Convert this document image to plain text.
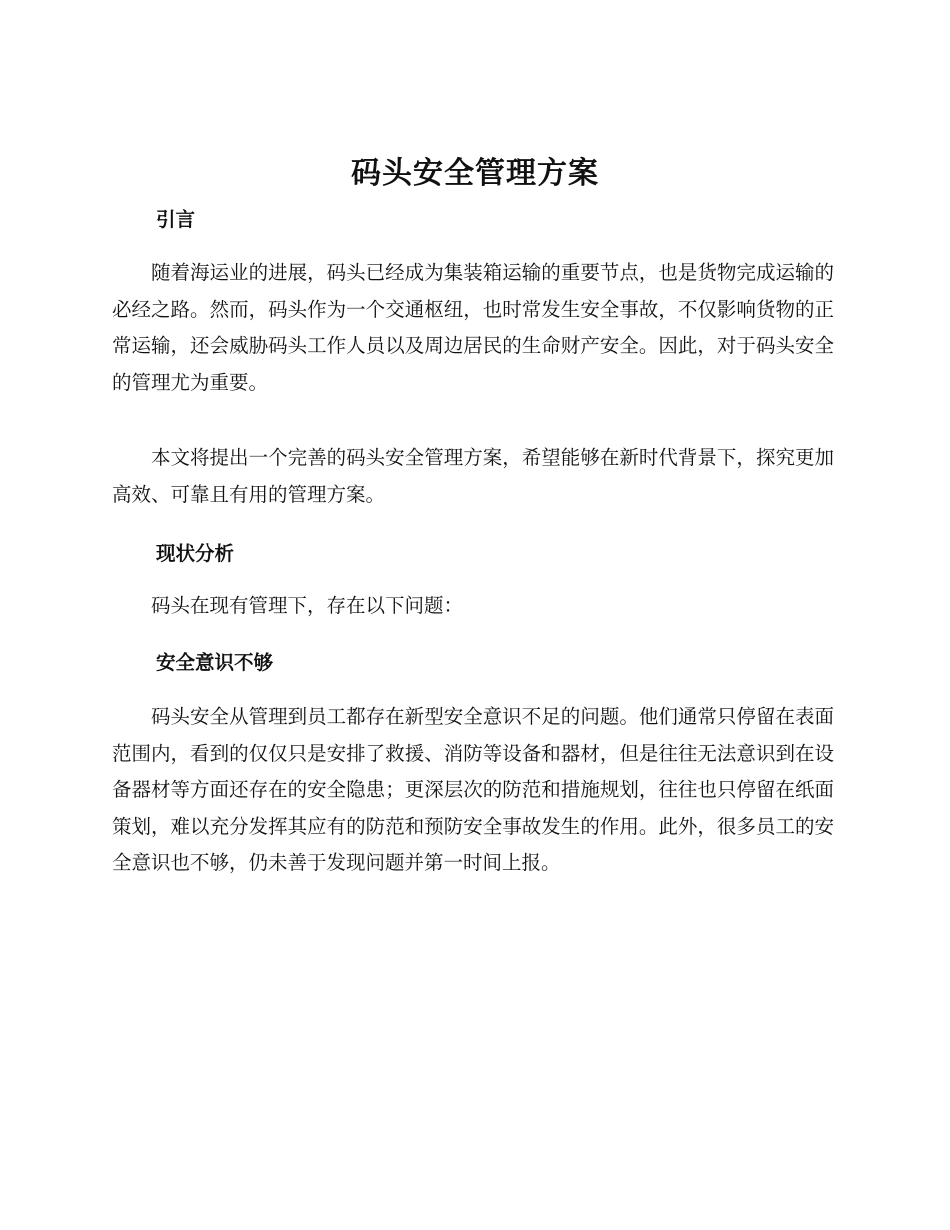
码头安全管理方案
引言

随着海运业的进展，码头已经成为集装箱运输的重要节点，也是货物完成运输的必经之路。然而，码头作为一个交通枢纽，也时常发生安全事故，不仅影响货物的正常运输，还会威胁码头工作人员以及周边居民的生命财产安全。因此，对于码头安全的管理尤为重要。

本文将提出一个完善的码头安全管理方案，希望能够在新时代背景下，探究更加高效、可靠且有用的管理方案。

现状分析

码头在现有管理下，存在以下问题：

安全意识不够

码头安全从管理到员工都存在新型安全意识不足的问题。他们通常只停留在表面范围内，看到的仅仅只是安排了救援、消防等设备和器材，但是往往无法意识到在设备器材等方面还存在的安全隐患；更深层次的防范和措施规划，往往也只停留在纸面策划，难以充分发挥其应有的防范和预防安全事故发生的作用。此外，很多员工的安全意识也不够，仍未善于发现问题并第一时间上报。
